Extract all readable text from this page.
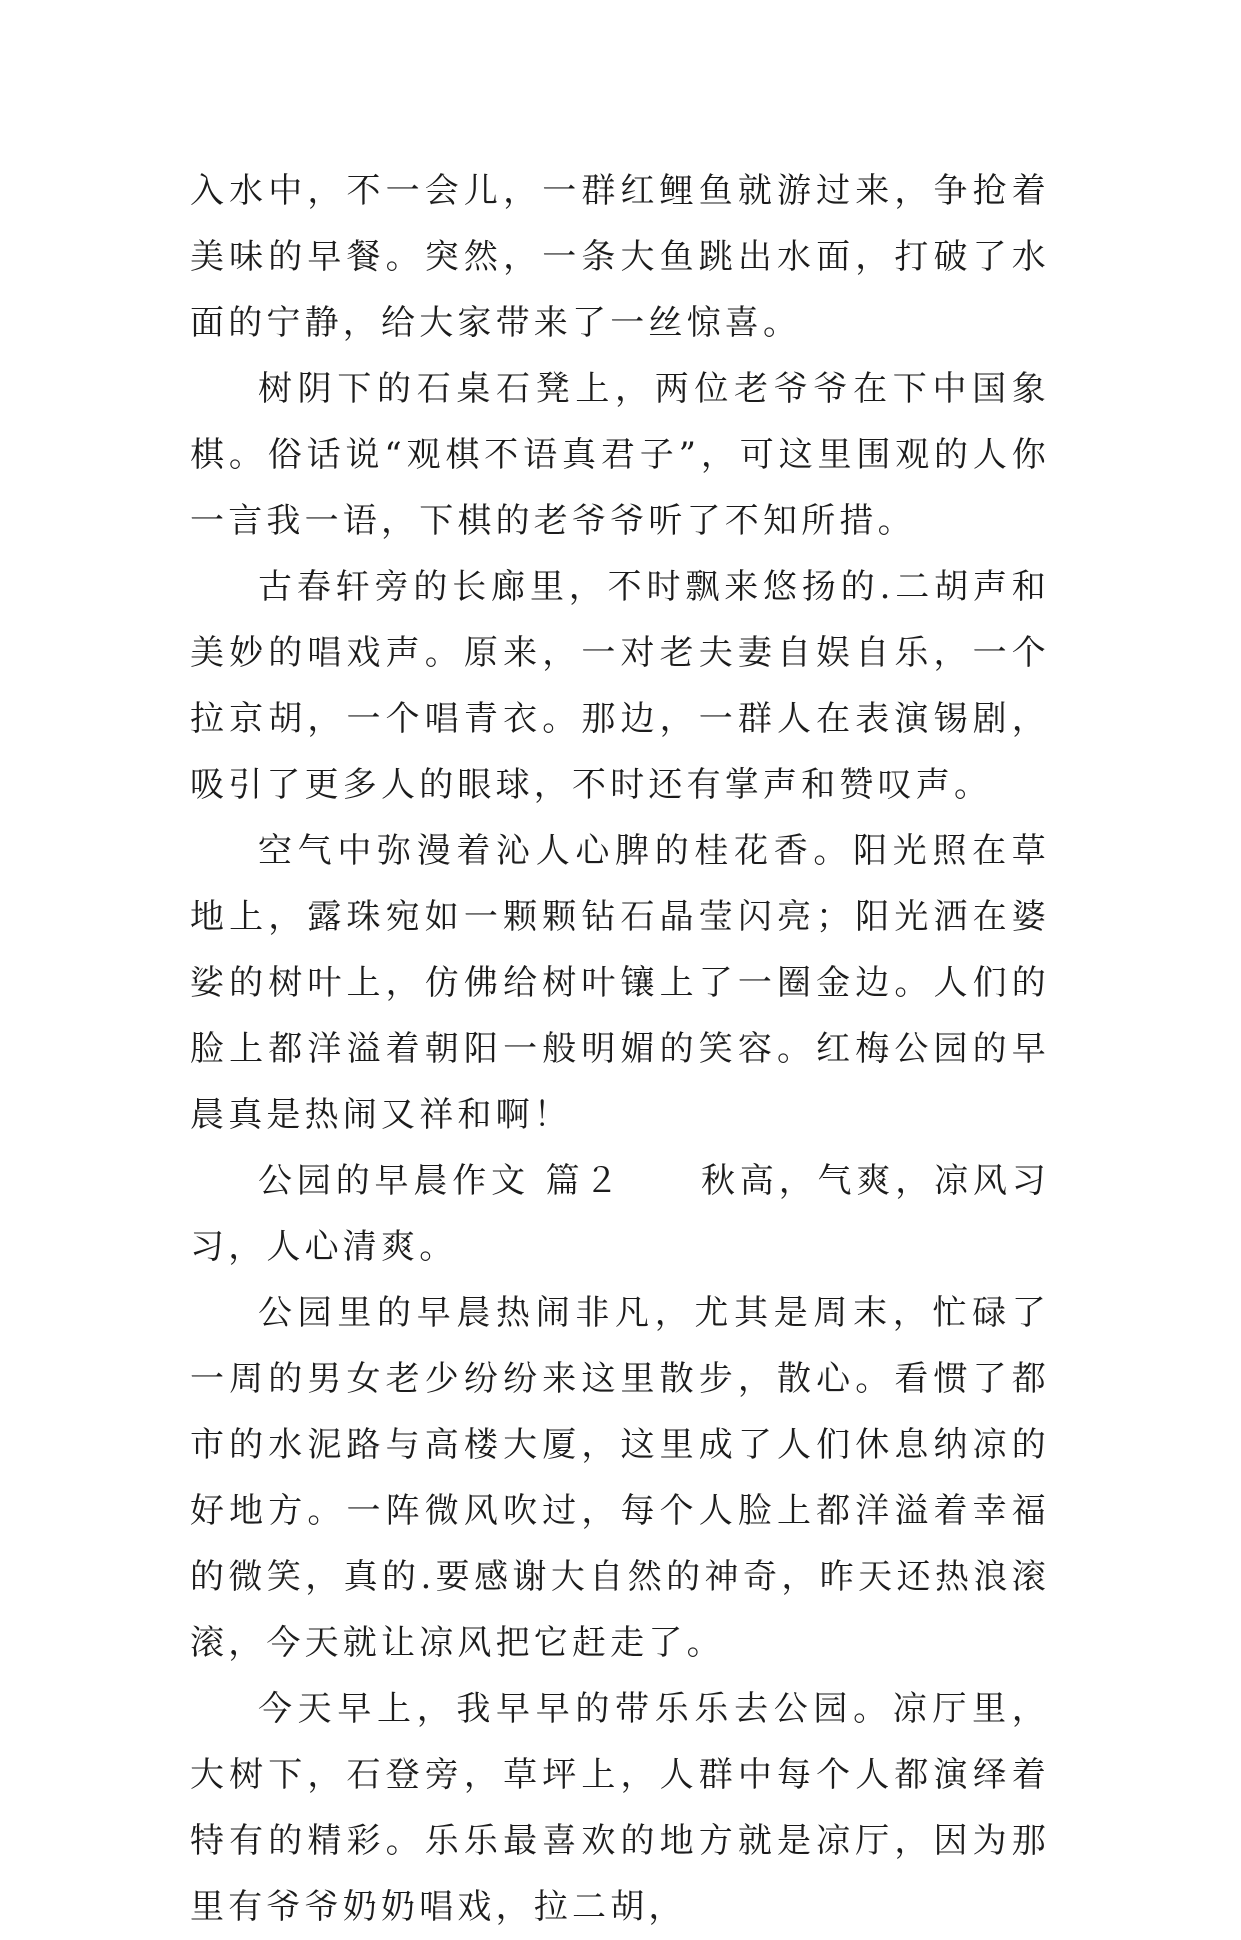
入水中，不一会儿，一群红鲤鱼就游过来，争抢着美味的早餐。突然，一条大鱼跳出水面，打破了水面的宁静，给大家带来了一丝惊喜。

树阴下的石桌石凳上，两位老爷爷在下中国象棋。俗话说“观棋不语真君子”，可这里围观的人你一言我一语，下棋的老爷爷听了不知所措。

古春轩旁的长廊里，不时飘来悠扬的.二胡声和美妙的唱戏声。原来，一对老夫妻自娱自乐，一个拉京胡，一个唱青衣。那边，一群人在表演锡剧，吸引了更多人的眼球，不时还有掌声和赞叹声。

空气中弥漫着沁人心脾的桂花香。阳光照在草地上，露珠宛如一颗颗钻石晶莹闪亮；阳光洒在婆娑的树叶上，仿佛给树叶镶上了一圈金边。人们的脸上都洋溢着朝阳一般明媚的笑容。红梅公园的早晨真是热闹又祥和啊！

公园的早晨作文 篇２　　秋高，气爽，凉风习习，人心清爽。

公园里的早晨热闹非凡，尤其是周末，忙碌了一周的男女老少纷纷来这里散步，散心。看惯了都市的水泥路与高楼大厦，这里成了人们休息纳凉的好地方。一阵微风吹过，每个人脸上都洋溢着幸福的微笑，真的.要感谢大自然的神奇，昨天还热浪滚滚，今天就让凉风把它赶走了。

今天早上，我早早的带乐乐去公园。凉厅里，大树下，石登旁，草坪上，人群中每个人都演绎着特有的精彩。乐乐最喜欢的地方就是凉厅，因为那里有爷爷奶奶唱戏，拉二胡，
